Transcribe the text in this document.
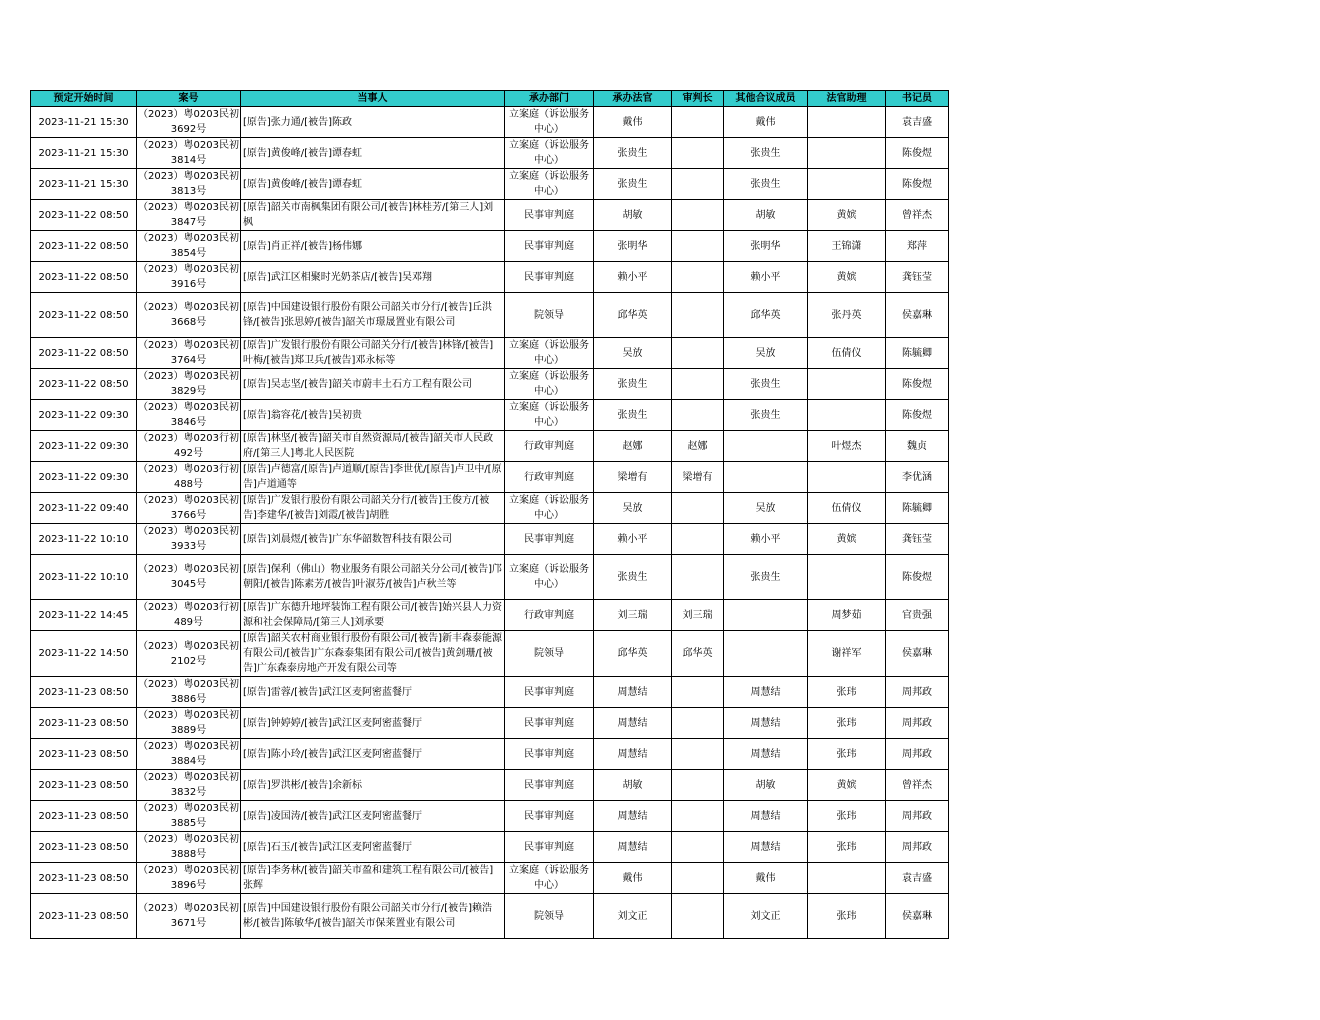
预定开始时间	案号	当事人	承办部门	承办法官	审判长	其他合议成员	法官助理	书记员
2023-11-21 15:30	（2023）粤0203民初3692号	[原告]张力通/[被告]陈政	立案庭（诉讼服务中心）	戴伟		戴伟		袁吉盛
2023-11-21 15:30	（2023）粤0203民初3814号	[原告]黄俊峰/[被告]谭春虹	立案庭（诉讼服务中心）	张贵生		张贵生		陈俊煜
2023-11-21 15:30	（2023）粤0203民初3813号	[原告]黄俊峰/[被告]谭春虹	立案庭（诉讼服务中心）	张贵生		张贵生		陈俊煜
2023-11-22 08:50	（2023）粤0203民初3847号	[原告]韶关市南枫集团有限公司/[被告]林桂芳/[第三人]刘枫	民事审判庭	胡敏		胡敏	黄嫔	曾祥杰
2023-11-22 08:50	（2023）粤0203民初3854号	[原告]肖正祥/[被告]杨伟娜	民事审判庭	张明华		张明华	王锦潇	郑萍
2023-11-22 08:50	（2023）粤0203民初3916号	[原告]武江区相聚时光奶茶店/[被告]吴邓翔	民事审判庭	赖小平		赖小平	黄嫔	龚钰莹
2023-11-22 08:50	（2023）粤0203民初3668号	[原告]中国建设银行股份有限公司韶关市分行/[被告]丘洪锋/[被告]张思婷/[被告]韶关市璟晟置业有限公司	院领导	邱华英		邱华英	张丹英	侯嘉琳
2023-11-22 08:50	（2023）粤0203民初3764号	[原告]广发银行股份有限公司韶关分行/[被告]林锋/[被告]叶梅/[被告]郑卫兵/[被告]邓永标等	立案庭（诉讼服务中心）	吴放		吴放	伍倩仪	陈毓卿
2023-11-22 08:50	（2023）粤0203民初3829号	[原告]吴志坚/[被告]韶关市蔚丰土石方工程有限公司	立案庭（诉讼服务中心）	张贵生		张贵生		陈俊煜
2023-11-22 09:30	（2023）粤0203民初3846号	[原告]翁容花/[被告]吴初贵	立案庭（诉讼服务中心）	张贵生		张贵生		陈俊煜
2023-11-22 09:30	（2023）粤0203行初492号	[原告]林坚/[被告]韶关市自然资源局/[被告]韶关市人民政府/[第三人]粤北人民医院	行政审判庭	赵娜	赵娜		叶煜杰	魏贞
2023-11-22 09:30	（2023）粤0203行初488号	[原告]卢德富/[原告]卢道顺/[原告]李世优/[原告]卢卫中/[原告]卢道通等	行政审判庭	梁增有	梁增有			李优涵
2023-11-22 09:40	（2023）粤0203民初3766号	[原告]广发银行股份有限公司韶关分行/[被告]王俊方/[被告]李建华/[被告]刘霞/[被告]胡胜	立案庭（诉讼服务中心）	吴放		吴放	伍倩仪	陈毓卿
2023-11-22 10:10	（2023）粤0203民初3933号	[原告]刘晨煜/[被告]广东华韶数智科技有限公司	民事审判庭	赖小平		赖小平	黄嫔	龚钰莹
2023-11-22 10:10	（2023）粤0203民初3045号	[原告]保利（佛山）物业服务有限公司韶关分公司/[被告]邝朝阳/[被告]陈素芳/[被告]叶淑芬/[被告]卢秋兰等	立案庭（诉讼服务中心）	张贵生		张贵生		陈俊煜
2023-11-22 14:45	（2023）粤0203行初489号	[原告]广东德升地坪装饰工程有限公司/[被告]始兴县人力资源和社会保障局/[第三人]刘承要	行政审判庭	刘三瑞	刘三瑞		周梦茹	官贵强
2023-11-22 14:50	（2023）粤0203民初2102号	[原告]韶关农村商业银行股份有限公司/[被告]新丰森泰能源有限公司/[被告]广东森泰集团有限公司/[被告]黄剑珊/[被告]广东森泰房地产开发有限公司等	院领导	邱华英	邱华英		谢祥军	侯嘉琳
2023-11-23 08:50	（2023）粤0203民初3886号	[原告]雷蓉/[被告]武江区麦阿密蓝餐厅	民事审判庭	周慧结		周慧结	张玮	周邦政
2023-11-23 08:50	（2023）粤0203民初3889号	[原告]钟婷婷/[被告]武江区麦阿密蓝餐厅	民事审判庭	周慧结		周慧结	张玮	周邦政
2023-11-23 08:50	（2023）粤0203民初3884号	[原告]陈小玲/[被告]武江区麦阿密蓝餐厅	民事审判庭	周慧结		周慧结	张玮	周邦政
2023-11-23 08:50	（2023）粤0203民初3832号	[原告]罗洪彬/[被告]余新标	民事审判庭	胡敏		胡敏	黄嫔	曾祥杰
2023-11-23 08:50	（2023）粤0203民初3885号	[原告]凌国涛/[被告]武江区麦阿密蓝餐厅	民事审判庭	周慧结		周慧结	张玮	周邦政
2023-11-23 08:50	（2023）粤0203民初3888号	[原告]石玉/[被告]武江区麦阿密蓝餐厅	民事审判庭	周慧结		周慧结	张玮	周邦政
2023-11-23 08:50	（2023）粤0203民初3896号	[原告]李务林/[被告]韶关市盈和建筑工程有限公司/[被告]张辉	立案庭（诉讼服务中心）	戴伟		戴伟		袁吉盛
2023-11-23 08:50	（2023）粤0203民初3671号	[原告]中国建设银行股份有限公司韶关市分行/[被告]赖浩彬/[被告]陈敏华/[被告]韶关市保莱置业有限公司	院领导	刘文正		刘文正	张玮	侯嘉琳
